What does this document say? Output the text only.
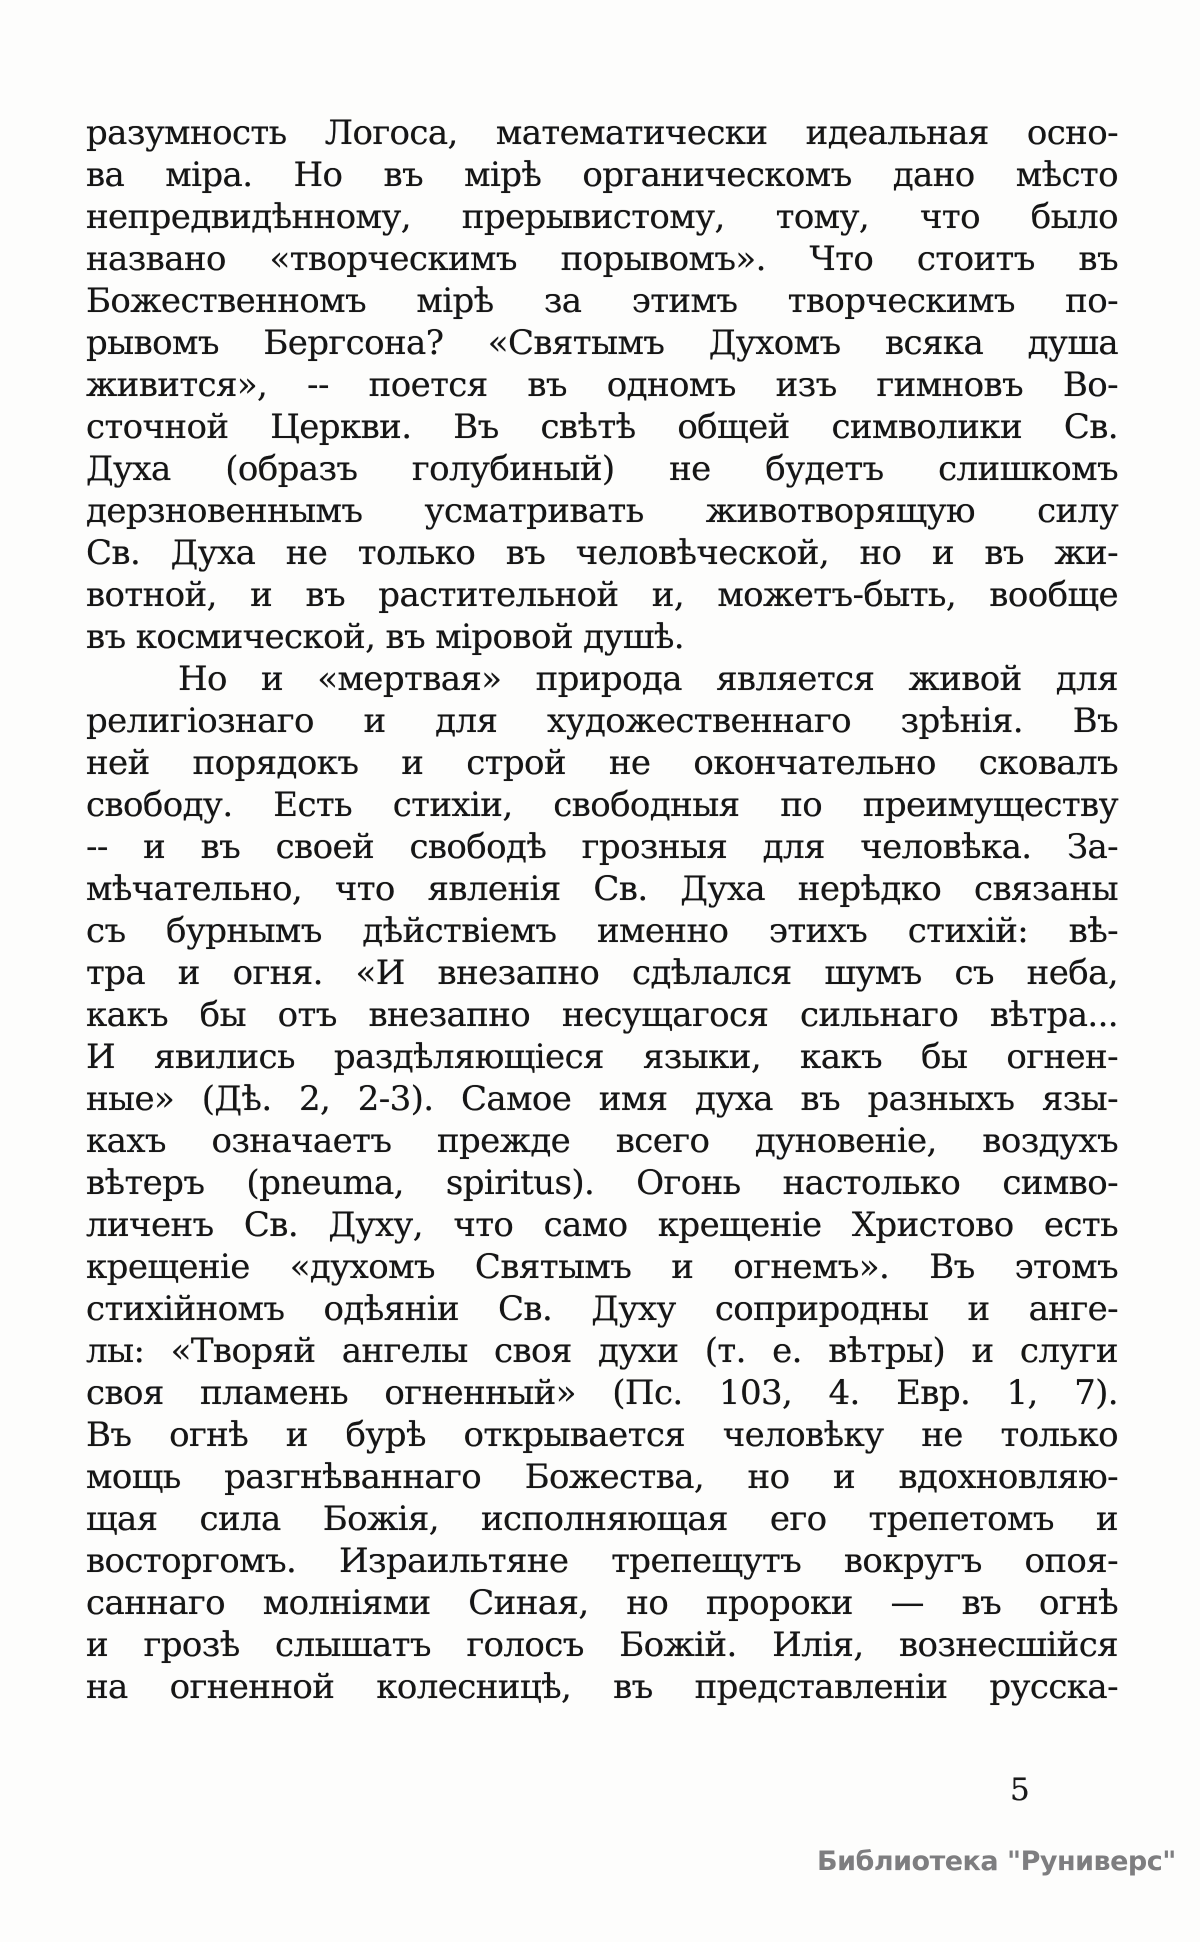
разумность Логоса, математически идеальная осно-
ва міра. Но въ мірѣ органическомъ дано мѣсто
непредвидѣнному, прерывистому, тому, что было
названо «творческимъ порывомъ». Что стоитъ въ
Божественномъ мірѣ за этимъ творческимъ по-
рывомъ Бергсона? «Святымъ Духомъ всяка душа
живится», -- поется въ одномъ изъ гимновъ Во-
сточной Церкви. Въ свѣтѣ общей символики Св.
Духа (образъ голубиный) не будетъ слишкомъ
дерзновеннымъ усматривать животворящую силу
Св. Духа не только въ человѣческой, но и въ жи-
вотной, и въ растительной и, можетъ-быть, вообще
въ космической, въ міровой душѣ.
Но и «мертвая» природа является живой для
религіознаго и для художественнаго зрѣнія. Въ
ней порядокъ и строй не окончательно сковалъ
свободу. Есть стихіи, свободныя по преимуществу
-- и въ своей свободѣ грозныя для человѣка. За-
мѣчательно, что явленія Св. Духа нерѣдко связаны
съ бурнымъ дѣйствіемъ именно этихъ стихій: вѣ-
тра и огня. «И внезапно сдѣлался шумъ съ неба,
какъ бы отъ внезапно несущагося сильнаго вѣтра...
И явились раздѣляющіеся языки, какъ бы огнен-
ные» (Дѣ. 2, 2-3). Самое имя духа въ разныхъ язы-
кахъ означаетъ прежде всего дуновеніе, воздухъ
вѣтеръ (pneuma, spiritus). Огонь настолько симво-
личенъ Св. Духу, что само крещеніе Христово есть
крещеніе «духомъ Святымъ и огнемъ». Въ этомъ
стихійномъ одѣяніи Св. Духу соприродны и анге-
лы: «Творяй ангелы своя духи (т. е. вѣтры) и слуги
своя пламень огненный» (Пс. 103, 4. Евр. 1, 7).
Въ огнѣ и бурѣ открывается человѣку не только
мощь разгнѣваннаго Божества, но и вдохновляю-
щая сила Божія, исполняющая его трепетомъ и
восторгомъ. Израильтяне трепещутъ вокругъ опоя-
саннаго молніями Синая, но пророки — въ огнѣ
и грозѣ слышатъ голосъ Божій. Илія, вознесшійся
на огненной колесницѣ, въ представленіи русска-
5
Библиотека "Руниверс"
